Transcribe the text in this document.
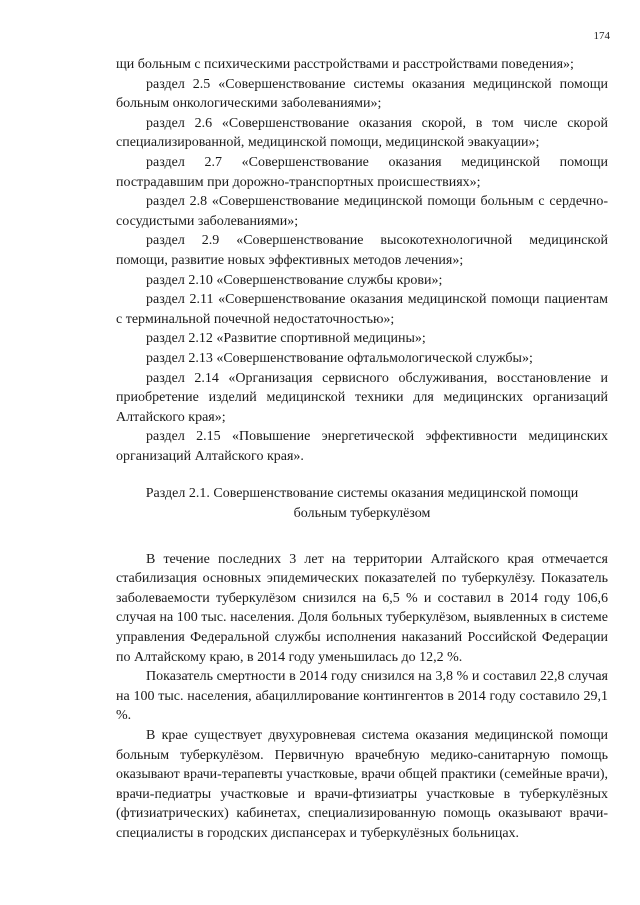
174

щи больным с психическими расстройствами и расстройствами поведения»;

раздел 2.5 «Совершенствование системы оказания медицинской помощи больным онкологическими заболеваниями»;

раздел 2.6 «Совершенствование оказания скорой, в том числе скорой специализированной, медицинской помощи, медицинской эвакуации»;

раздел 2.7 «Совершенствование оказания медицинской помощи пострадавшим при дорожно-транспортных происшествиях»;

раздел 2.8 «Совершенствование медицинской помощи больным с сердечно-сосудистыми заболеваниями»;

раздел 2.9 «Совершенствование высокотехнологичной медицинской помощи, развитие новых эффективных методов лечения»;

раздел 2.10 «Совершенствование службы крови»;

раздел 2.11 «Совершенствование оказания медицинской помощи пациентам с терминальной почечной недостаточностью»;

раздел 2.12 «Развитие спортивной медицины»;

раздел 2.13 «Совершенствование офтальмологической службы»;

раздел 2.14 «Организация сервисного обслуживания, восстановление и приобретение изделий медицинской техники для медицинских организаций Алтайского края»;

раздел 2.15 «Повышение энергетической эффективности медицинских организаций Алтайского края».

Раздел 2.1. Совершенствование системы оказания медицинской помощи

больным туберкулёзом

В течение последних 3 лет на территории Алтайского края отмечается стабилизация основных эпидемических показателей по туберкулёзу. Показатель заболеваемости туберкулёзом снизился на 6,5 % и составил в 2014 году 106,6 случая на 100 тыс. населения. Доля больных туберкулёзом, выявленных в системе управления Федеральной службы исполнения наказаний Российской Федерации по Алтайскому краю, в 2014 году уменьшилась до 12,2 %.

Показатель смертности в 2014 году снизился на 3,8 % и составил 22,8 случая на 100 тыс. населения, абациллирование контингентов в 2014 году составило 29,1 %.

В крае существует двухуровневая система оказания медицинской помощи больным туберкулёзом. Первичную врачебную медико-санитарную помощь оказывают врачи-терапевты участковые, врачи общей практики (семейные врачи), врачи-педиатры участковые и врачи-фтизиатры участковые в туберкулёзных (фтизиатрических) кабинетах, специализированную помощь оказывают врачи-специалисты в городских диспансерах и туберкулёзных больницах.
